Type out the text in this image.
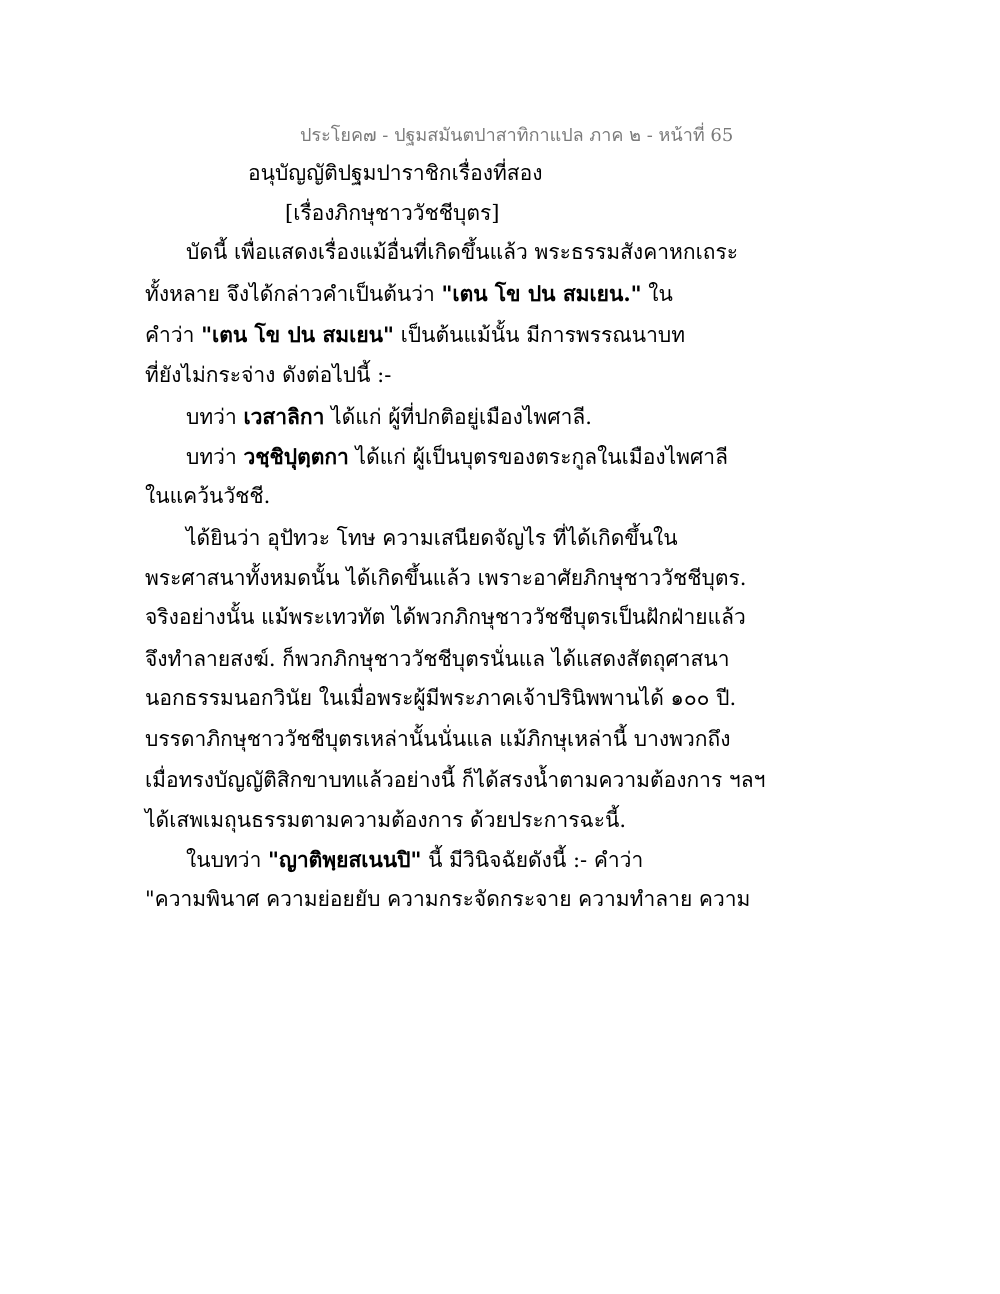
ประโยค๗ - ปฐมสมันตปาสาทิกาแปล ภาค ๒ - หน้าที่ 65
อนุบัญญัติปฐมปาราชิกเรื่องที่สอง
[เรื่องภิกษุชาววัชชีบุตร]
บัดนี้ เพื่อแสดงเรื่องแม้อื่นที่เกิดขึ้นแล้ว พระธรรมสังคาหกเถระ
ทั้งหลาย จึงได้กล่าวคำเป็นต้นว่า "เตน โข ปน สมเยน." ใน
คำว่า "เตน โข ปน สมเยน" เป็นต้นแม้นั้น มีการพรรณนาบท
ที่ยังไม่กระจ่าง ดังต่อไปนี้ :-
บทว่า เวสาลิกา ได้แก่ ผู้ที่ปกติอยู่เมืองไพศาลี.
บทว่า วชฺชิปุตฺตกา ได้แก่ ผู้เป็นบุตรของตระกูลในเมืองไพศาลี
ในแคว้นวัชชี.
ได้ยินว่า อุปัทวะ โทษ ความเสนียดจัญไร ที่ได้เกิดขึ้นใน
พระศาสนาทั้งหมดนั้น ได้เกิดขึ้นแล้ว เพราะอาศัยภิกษุชาววัชชีบุตร.
จริงอย่างนั้น แม้พระเทวทัต ได้พวกภิกษุชาววัชชีบุตรเป็นฝักฝ่ายแล้ว
จึงทำลายสงฆ์. ก็พวกภิกษุชาววัชชีบุตรนั่นแล ได้แสดงสัตถุศาสนา
นอกธรรมนอกวินัย ในเมื่อพระผู้มีพระภาคเจ้าปรินิพพานได้ ๑๐๐ ปี.
บรรดาภิกษุชาววัชชีบุตรเหล่านั้นนั่นแล แม้ภิกษุเหล่านี้ บางพวกถึง
เมื่อทรงบัญญัติสิกขาบทแล้วอย่างนี้ ก็ได้สรงน้ำตามความต้องการ ฯลฯ
ได้เสพเมถุนธรรมตามความต้องการ ด้วยประการฉะนี้.
ในบทว่า "ญาติพฺยสเนนปิ" นี้ มีวินิจฉัยดังนี้ :- คำว่า
"ความพินาศ ความย่อยยับ ความกระจัดกระจาย ความทำลาย ความ
